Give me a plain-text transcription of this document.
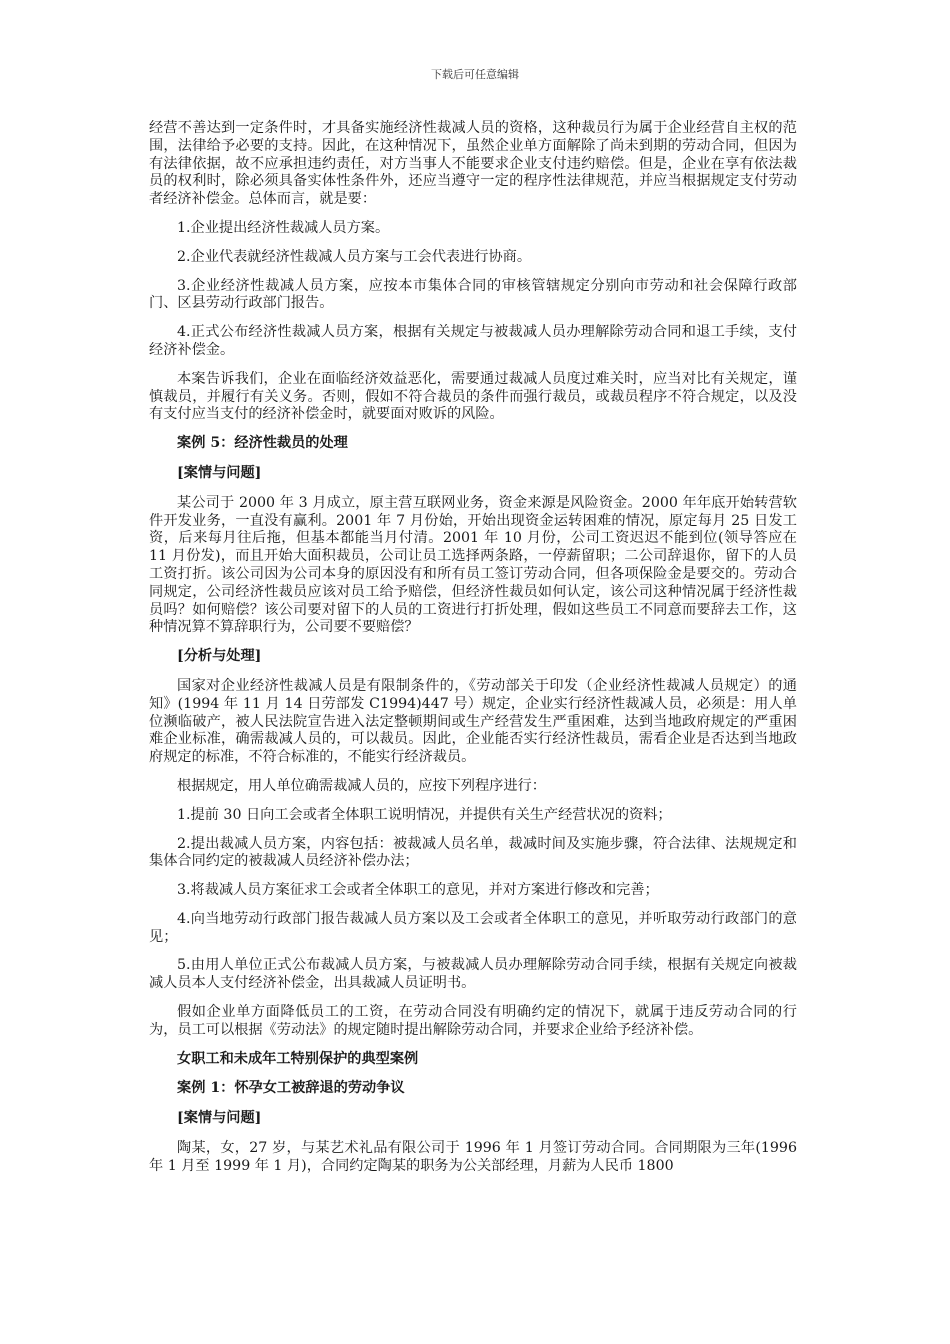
下载后可任意编辑

经营不善达到一定条件时，才具备实施经济性裁减人员的资格，这种裁员行为属于企业经营自主权的范围，法律给予必要的支持。因此，在这种情况下，虽然企业单方面解除了尚未到期的劳动合同，但因为有法律依据，故不应承担违约责任，对方当事人不能要求企业支付违约赔偿。但是，企业在享有依法裁员的权利时，除必须具备实体性条件外，还应当遵守一定的程序性法律规范，并应当根据规定支付劳动者经济补偿金。总体而言，就是要：

1.企业提出经济性裁减人员方案。

2.企业代表就经济性裁减人员方案与工会代表进行协商。

3.企业经济性裁减人员方案，应按本市集体合同的审核管辖规定分别向市劳动和社会保障行政部门、区县劳动行政部门报告。

4.正式公布经济性裁减人员方案，根据有关规定与被裁减人员办理解除劳动合同和退工手续，支付经济补偿金。

本案告诉我们，企业在面临经济效益恶化，需要通过裁减人员度过难关时，应当对比有关规定，谨慎裁员，并履行有关义务。否则，假如不符合裁员的条件而强行裁员，或裁员程序不符合规定，以及没有支付应当支付的经济补偿金时，就要面对败诉的风险。

案例 5：经济性裁员的处理

[案情与问题]

某公司于 2000 年 3 月成立，原主营互联网业务，资金来源是风险资金。2000 年年底开始转营软件开发业务，一直没有赢利。2001 年 7 月份始，开始出现资金运转困难的情况，原定每月 25 日发工资，后来每月往后拖，但基本都能当月付清。2001 年 10 月份，公司工资迟迟不能到位(领导答应在 11 月份发)，而且开始大面积裁员，公司让员工选择两条路，一停薪留职；二公司辞退你，留下的人员工资打折。该公司因为公司本身的原因没有和所有员工签订劳动合同，但各项保险金是要交的。劳动合同规定，公司经济性裁员应该对员工给予赔偿，但经济性裁员如何认定，该公司这种情况属于经济性裁员吗？如何赔偿？该公司要对留下的人员的工资进行打折处理，假如这些员工不同意而要辞去工作，这种情况算不算辞职行为，公司要不要赔偿？

[分析与处理]

国家对企业经济性裁减人员是有限制条件的，《劳动部关于印发（企业经济性裁减人员规定）的通知》(1994 年 11 月 14 日劳部发 C1994)447 号）规定，企业实行经济性裁减人员，必须是：用人单位濒临破产，被人民法院宣告进入法定整顿期间或生产经营发生严重困难，达到当地政府规定的严重困难企业标准，确需裁减人员的，可以裁员。因此，企业能否实行经济性裁员，需看企业是否达到当地政府规定的标准，不符合标准的，不能实行经济裁员。

根据规定，用人单位确需裁减人员的，应按下列程序进行：

1.提前 30 日向工会或者全体职工说明情况，并提供有关生产经营状况的资料；

2.提出裁减人员方案，内容包括：被裁减人员名单，裁减时间及实施步骤，符合法律、法规规定和集体合同约定的被裁减人员经济补偿办法；

3.将裁减人员方案征求工会或者全体职工的意见，并对方案进行修改和完善；

4.向当地劳动行政部门报告裁减人员方案以及工会或者全体职工的意见，并听取劳动行政部门的意见；

5.由用人单位正式公布裁减人员方案，与被裁减人员办理解除劳动合同手续，根据有关规定向被裁减人员本人支付经济补偿金，出具裁减人员证明书。

假如企业单方面降低员工的工资，在劳动合同没有明确约定的情况下，就属于违反劳动合同的行为，员工可以根据《劳动法》的规定随时提出解除劳动合同，并要求企业给予经济补偿。

女职工和未成年工特别保护的典型案例

案例 1：怀孕女工被辞退的劳动争议

[案情与问题]

陶某，女，27 岁，与某艺术礼品有限公司于 1996 年 1 月签订劳动合同。合同期限为三年(1996 年 1 月至 1999 年 1 月)，合同约定陶某的职务为公关部经理，月薪为人民币 1800
